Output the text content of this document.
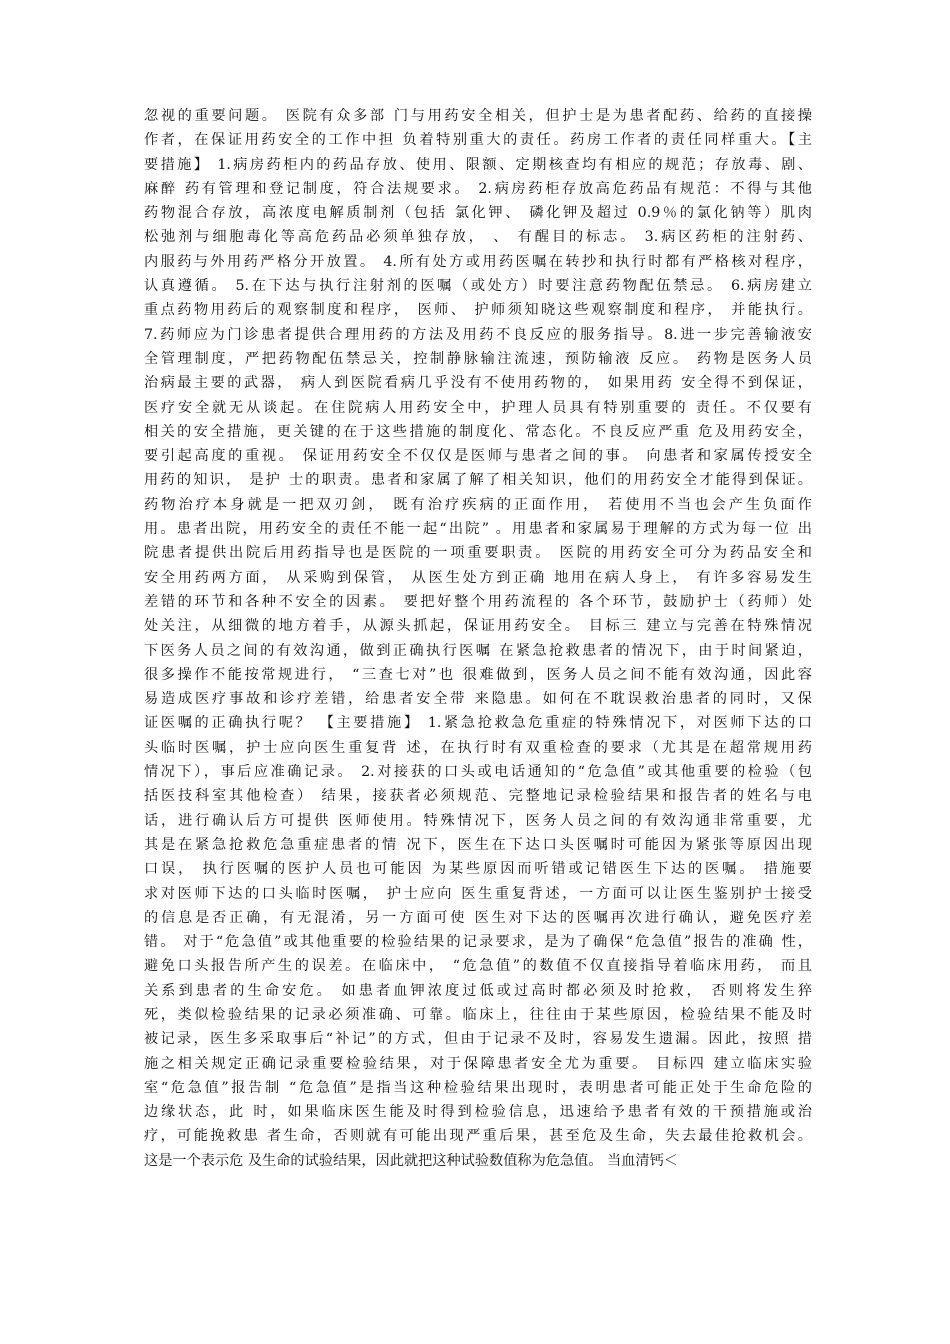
忽视的重要问题。 医院有众多部 门与用药安全相关，但护士是为患者配药、给药的直接操
作者，在保证用药安全的工作中担 负着特别重大的责任。药房工作者的责任同样重大。【主
要措施】 1.病房药柜内的药品存放、使用、限额、定期核查均有相应的规范；存放毒、剧、
麻醉 药有管理和登记制度，符合法规要求。 2.病房药柜存放高危药品有规范：不得与其他
药物混合存放，高浓度电解质制剂（包括 氯化钾、 磷化钾及超过 0.9％的氯化钠等）肌肉
松弛剂与细胞毒化等高危药品必须单独存放， 、 有醒目的标志。 3.病区药柜的注射药、
内服药与外用药严格分开放置。 4.所有处方或用药医嘱在转抄和执行时都有严格核对程序，
认真遵循。 5.在下达与执行注射剂的医嘱（或处方）时要注意药物配伍禁忌。 6.病房建立
重点药物用药后的观察制度和程序， 医师、 护师须知晓这些观察制度和程序， 并能执行。
7.药师应为门诊患者提供合理用药的方法及用药不良反应的服务指导。8.进一步完善输液安
全管理制度，严把药物配伍禁忌关，控制静脉输注流速，预防输液 反应。 药物是医务人员
治病最主要的武器， 病人到医院看病几乎没有不使用药物的， 如果用药 安全得不到保证，
医疗安全就无从谈起。在住院病人用药安全中，护理人员具有特别重要的 责任。不仅要有
相关的安全措施，更关键的在于这些措施的制度化、常态化。不良反应严重 危及用药安全，
要引起高度的重视。 保证用药安全不仅仅是医师与患者之间的事。 向患者和家属传授安全
用药的知识， 是护 士的职责。患者和家属了解了相关知识，他们的用药安全才能得到保证。
药物治疗本身就是一把双刃剑， 既有治疗疾病的正面作用， 若使用不当也会产生负面作
用。患者出院，用药安全的责任不能一起“出院” 。用患者和家属易于理解的方式为每一位 出
院患者提供出院后用药指导也是医院的一项重要职责。 医院的用药安全可分为药品安全和
安全用药两方面， 从采购到保管， 从医生处方到正确 地用在病人身上， 有许多容易发生
差错的环节和各种不安全的因素。 要把好整个用药流程的 各个环节，鼓励护士（药师）处
处关注，从细微的地方着手，从源头抓起，保证用药安全。 目标三 建立与完善在特殊情况
下医务人员之间的有效沟通，做到正确执行医嘱 在紧急抢救患者的情况下，由于时间紧迫，
很多操作不能按常规进行， “三查七对”也 很难做到，医务人员之间不能有效沟通，因此容
易造成医疗事故和诊疗差错，给患者安全带 来隐患。如何在不耽误救治患者的同时，又保
证医嘱的正确执行呢？ 【主要措施】 1.紧急抢救急危重症的特殊情况下，对医师下达的口
头临时医嘱，护士应向医生重复背 述，在执行时有双重检查的要求（尤其是在超常规用药
情况下），事后应准确记录。 2.对接获的口头或电话通知的“危急值”或其他重要的检验（包
括医技科室其他检查） 结果，接获者必须规范、完整地记录检验结果和报告者的姓名与电
话，进行确认后方可提供 医师使用。特殊情况下，医务人员之间的有效沟通非常重要，尤
其是在紧急抢救危急重症患者的情 况下，医生在下达口头医嘱时可能因为紧张等原因出现
口误， 执行医嘱的医护人员也可能因 为某些原因而听错或记错医生下达的医嘱。 措施要
求对医师下达的口头临时医嘱， 护士应向 医生重复背述，一方面可以让医生鉴别护士接受
的信息是否正确，有无混淆，另一方面可使 医生对下达的医嘱再次进行确认，避免医疗差
错。 对于“危急值”或其他重要的检验结果的记录要求，是为了确保“危急值”报告的准确 性，
避免口头报告所产生的误差。在临床中， “危急值”的数值不仅直接指导着临床用药， 而且
关系到患者的生命安危。 如患者血钾浓度过低或过高时都必须及时抢救， 否则将发生猝
死，类似检验结果的记录必须准确、可靠。临床上，往往由于某些原因，检验结果不能及时
被记录，医生多采取事后“补记”的方式，但由于记录不及时，容易发生遗漏。因此，按照 措
施之相关规定正确记录重要检验结果，对于保障患者安全尤为重要。 目标四 建立临床实验
室“危急值”报告制 “危急值”是指当这种检验结果出现时，表明患者可能正处于生命危险的
边缘状态，此 时，如果临床医生能及时得到检验信息，迅速给予患者有效的干预措施或治
疗，可能挽救患 者生命，否则就有可能出现严重后果，甚至危及生命，失去最佳抢救机会。
这是一个表示危 及生命的试验结果，因此就把这种试验数值称为危急值。 当血清钙＜
